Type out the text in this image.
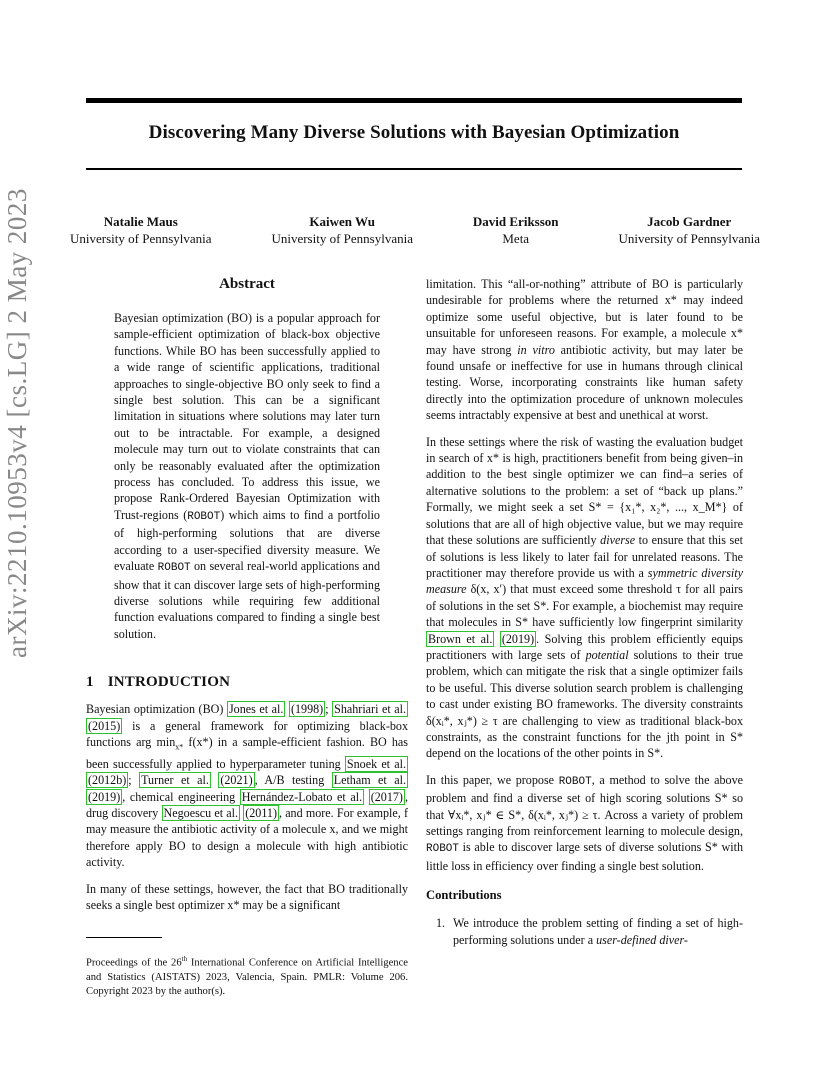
arXiv:2210.10953v4 [cs.LG] 2 May 2023
Discovering Many Diverse Solutions with Bayesian Optimization
Natalie Maus
University of Pennsylvania
Kaiwen Wu
University of Pennsylvania
David Eriksson
Meta
Jacob Gardner
University of Pennsylvania
Abstract
Bayesian optimization (BO) is a popular approach for sample-efficient optimization of black-box objective functions. While BO has been successfully applied to a wide range of scientific applications, traditional approaches to single-objective BO only seek to find a single best solution. This can be a significant limitation in situations where solutions may later turn out to be intractable. For example, a designed molecule may turn out to violate constraints that can only be reasonably evaluated after the optimization process has concluded. To address this issue, we propose Rank-Ordered Bayesian Optimization with Trust-regions (ROBOT) which aims to find a portfolio of high-performing solutions that are diverse according to a user-specified diversity measure. We evaluate ROBOT on several real-world applications and show that it can discover large sets of high-performing diverse solutions while requiring few additional function evaluations compared to finding a single best solution.
1 INTRODUCTION

Bayesian optimization (BO) Jones et al. (1998) ; Shahriari et al. (2015) is a general framework for optimizing black-box functions arg $\min_{x*} f(x*)$ in a sample-efficient fashion. BO has been successfully applied to hyperparameter tuning Snoek et al. (2012b) ; Turner et al. (2021) , A/B testing Letham et al. (2019) , chemical engineering Hernández-Lobato et al. (2017) , drug discovery Negoescu et al. (2011) , and more. For example, f may measure the antibiotic activity of a molecule x, and we might therefore apply BO to design a molecule with high antibiotic activity.

In many of these settings, however, the fact that BO traditionally seeks a single best optimizer x* may be a significant

Proceedings of the 26th International Conference on Artificial Intelligence and Statistics (AISTATS) 2023, Valencia, Spain. PMLR: Volume 206. Copyright 2023 by the author(s).

limitation. This “all-or-nothing” attribute of BO is particularly undesirable for problems where the returned x* may indeed optimize some useful objective, but is later found to be unsuitable for unforeseen reasons. For example, a molecule x* may have strong in vitro antibiotic activity, but may later be found unsafe or ineffective for use in humans through clinical testing. Worse, incorporating constraints like human safety directly into the optimization procedure of unknown molecules seems intractably expensive at best and unethical at worst.

In these settings where the risk of wasting the evaluation budget in search of x* is high, practitioners benefit from being given–in addition to the best single optimizer we can find–a series of alternative solutions to the problem: a set of “back up plans.” Formally, we might seek a set S* = {x₁*, x₂*, ..., x_M*} of solutions that are all of high objective value, but we may require that these solutions are sufficiently diverse to ensure that this set of solutions is less likely to later fail for unrelated reasons. The practitioner may therefore provide us with a symmetric diversity measure δ(x, x′) that must exceed some threshold τ for all pairs of solutions in the set S*. For example, a biochemist may require that molecules in S* have sufficiently low fingerprint similarity Brown et al. (2019) . Solving this problem efficiently equips practitioners with large sets of potential solutions to their true problem, which can mitigate the risk that a single optimizer fails to be useful. This diverse solution search problem is challenging to cast under existing BO frameworks. The diversity constraints δ(xᵢ*, xⱼ*) ≥ τ are challenging to view as traditional black-box constraints, as the constraint functions for the jth point in S* depend on the locations of the other points in S*.

In this paper, we propose ROBOT, a method to solve the above problem and find a diverse set of high scoring solutions S* so that ∀xᵢ*, xⱼ* ∈ S*, δ(xᵢ*, xⱼ*) ≥ τ. Across a variety of problem settings ranging from reinforcement learning to molecule design, ROBOT is able to discover large sets of diverse solutions S* with little loss in efficiency over finding a single best solution.

Contributions
1. We introduce the problem setting of finding a set of high-performing solutions under a user-defined diver-
